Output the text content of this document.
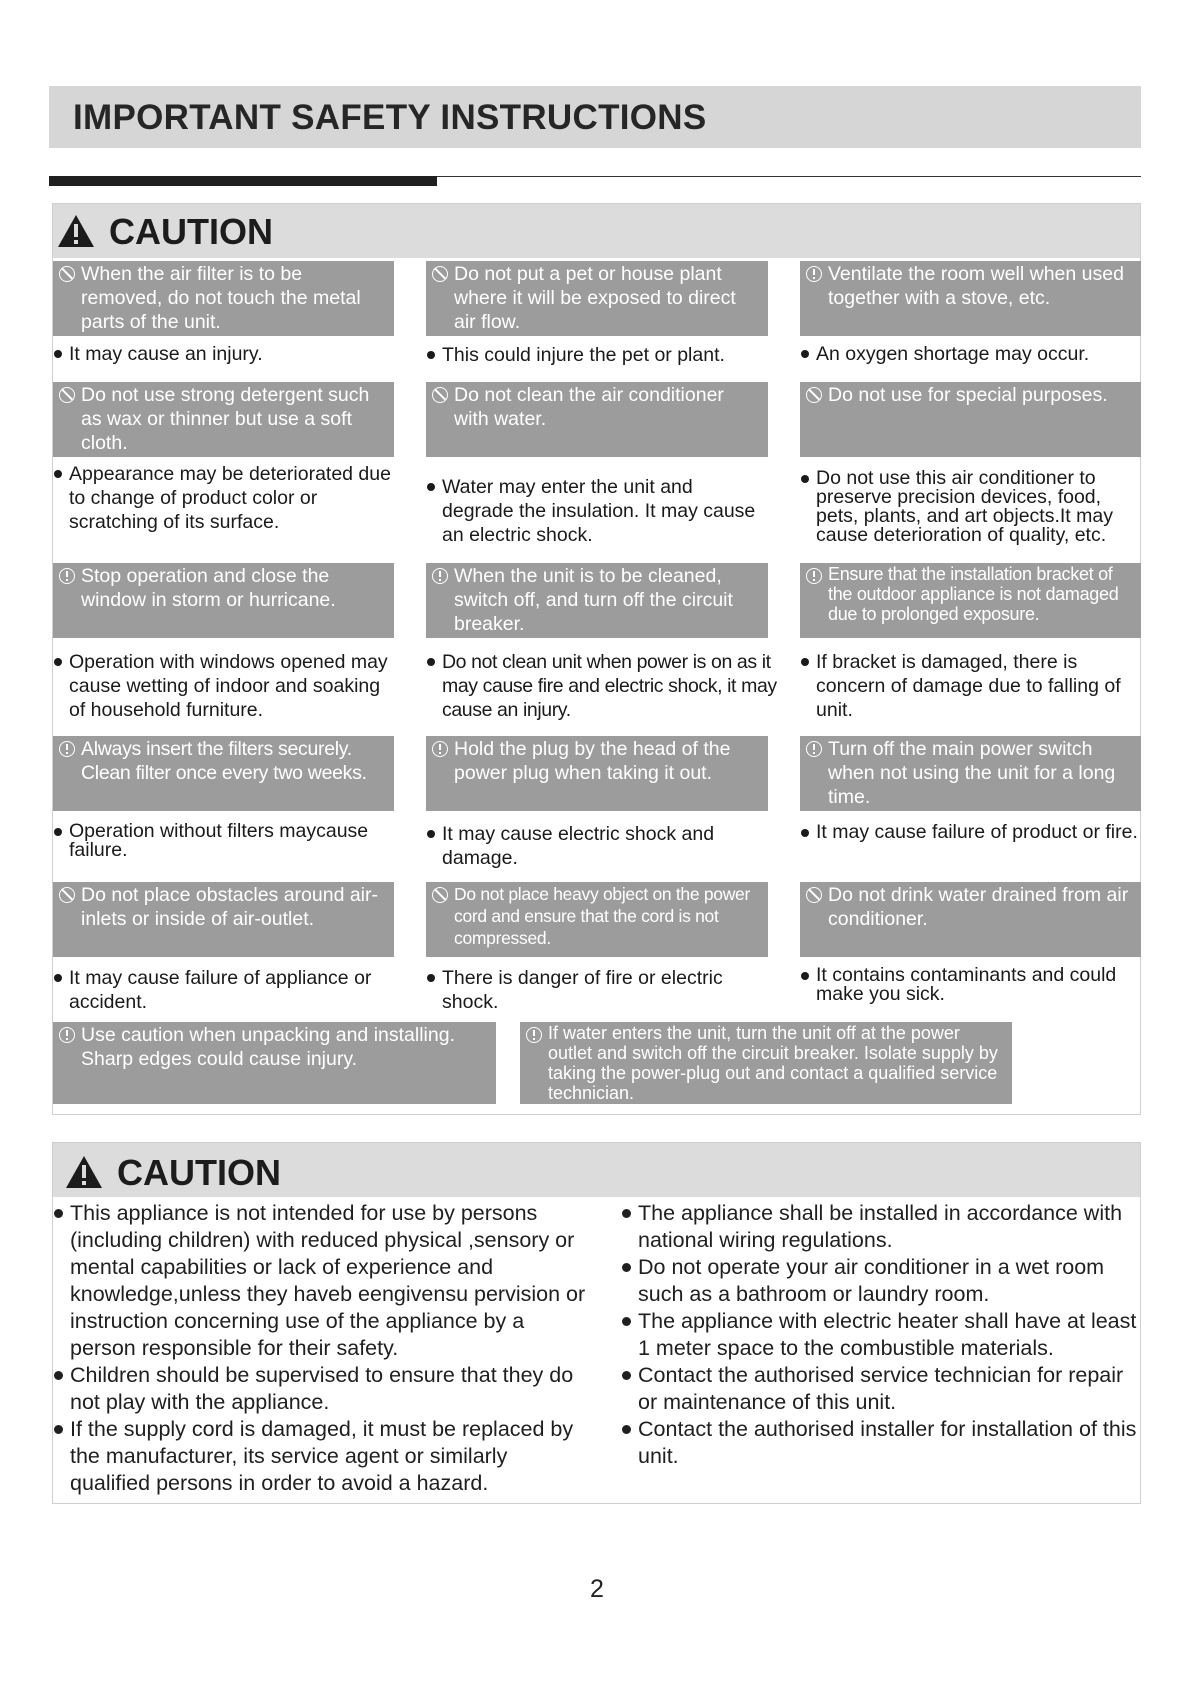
IMPORTANT SAFETY INSTRUCTIONS
CAUTION
When the air filter is to be removed, do not touch the metal parts of the unit.
It may cause an injury.
Do not put a pet or house plant where it will be exposed to direct air flow.
This could injure the pet or plant.
Ventilate the room well when used together with a stove, etc.
An oxygen shortage may occur.
Do not use strong detergent such as wax or thinner but use a soft cloth.
Appearance may be deteriorated due to change of product color or scratching of its surface.
Do not clean the air conditioner with water.
Water may enter the unit and degrade the insulation. It may cause an electric shock.
Do not use for special purposes.
Do not use this air conditioner to preserve precision devices, food, pets, plants, and art objects.It may cause deterioration of quality, etc.
Stop operation and close the window in storm or hurricane.
Operation with windows opened may cause wetting of indoor and soaking of household furniture.
When the unit is to be cleaned, switch off, and turn off the circuit breaker.
Do not clean unit when power is on as it may cause fire and electric shock, it may cause an injury.
Ensure that the installation bracket of the outdoor appliance is not damaged due to prolonged exposure.
If bracket is damaged, there is concern of damage due to falling of unit.
Always insert the filters securely. Clean filter once every two weeks.
Operation without filters maycause failure.
Hold the plug by the head of the power plug when taking it out.
It may cause electric shock and damage.
Turn off the main power switch when not using the unit for a long time.
It may cause failure of product or fire.
Do not place obstacles around air-inlets or inside of air-outlet.
It may cause failure of appliance or accident.
Do not place heavy object on the power cord and ensure that the cord is not compressed.
There is danger of fire or electric shock.
Do not drink water drained from air conditioner.
It contains contaminants and could make you sick.
Use caution when unpacking and installing. Sharp edges could cause injury.
If water enters the unit, turn the unit off at the power outlet and switch off the circuit breaker. Isolate supply by taking the power-plug out and contact a qualified service technician.
CAUTION
This appliance is not intended for use by persons (including children) with reduced physical ,sensory or mental capabilities or lack of experience and knowledge,unless they haveb eengivensu pervision or instruction concerning use of the appliance by a person responsible for their safety.
Children should be supervised to ensure that they do not play with the appliance.
If the supply cord is damaged, it must be replaced by the manufacturer, its service agent or similarly qualified persons in order to avoid a hazard.
The appliance shall be installed in accordance with national wiring regulations.
Do not operate your air conditioner in a wet room such as a bathroom or laundry room.
The appliance with electric heater shall have at least 1 meter space to the combustible materials.
Contact the authorised service technician for repair or maintenance of this unit.
Contact the authorised installer for installation of this unit.
2
